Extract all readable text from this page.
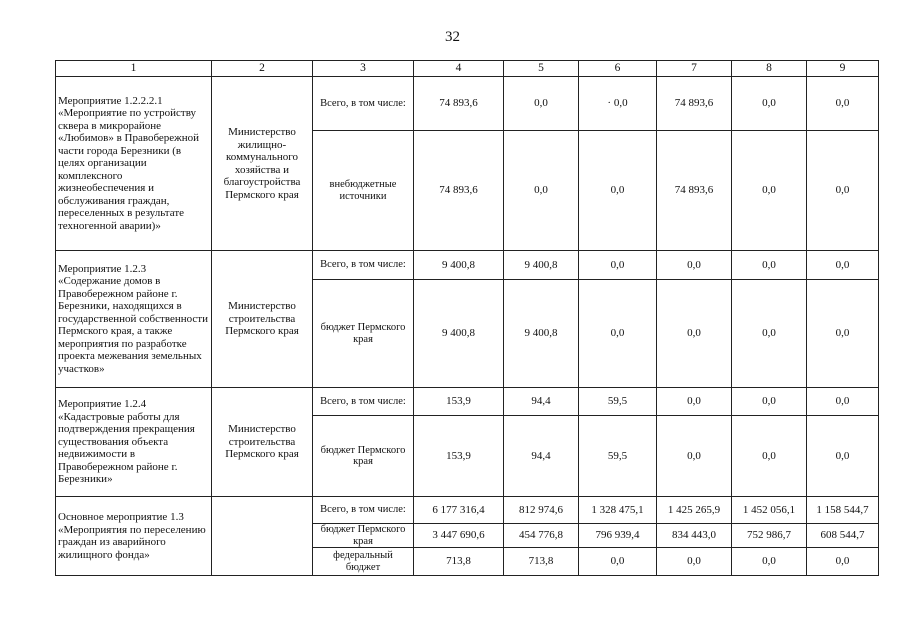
32
1	2	3	4	5	6	7	8	9
Мероприятие 1.2.2.2.1 «Мероприятие по устройству сквера в микрорайоне «Любимов» в Правобережной части города Березники (в целях организации комплексного жизнеобеспечения и обслуживания граждан, переселенных в результате техногенной аварии)»	Министерство жилищно-коммунального хозяйства и благоустройства Пермского края	Всего, в том числе:	74 893,6	0,0	· 0,0	74 893,6	0,0	0,0
		внебюджетные источники	74 893,6	0,0	0,0	74 893,6	0,0	0,0
Мероприятие 1.2.3 «Содержание домов в Правобережном районе г. Березники, находящихся в государственной собственности Пермского края, а также мероприятия по разработке проекта межевания земельных участков»	Министерство строительства Пермского края	Всего, в том числе:	9 400,8	9 400,8	0,0	0,0	0,0	0,0
		бюджет Пермского края	9 400,8	9 400,8	0,0	0,0	0,0	0,0
Мероприятие 1.2.4 «Кадастровые работы для подтверждения прекращения существования объекта недвижимости в Правобережном районе г. Березники»	Министерство строительства Пермского края	Всего, в том числе:	153,9	94,4	59,5	0,0	0,0	0,0
		бюджет Пермского края	153,9	94,4	59,5	0,0	0,0	0,0
Основное мероприятие 1.3 «Мероприятия по переселению граждан из аварийного жилищного фонда»		Всего, в том числе:	6 177 316,4	812 974,6	1 328 475,1	1 425 265,9	1 452 056,1	1 158 544,7
		бюджет Пермского края	3 447 690,6	454 776,8	796 939,4	834 443,0	752 986,7	608 544,7
		федеральный бюджет	713,8	713,8	0,0	0,0	0,0	0,0
